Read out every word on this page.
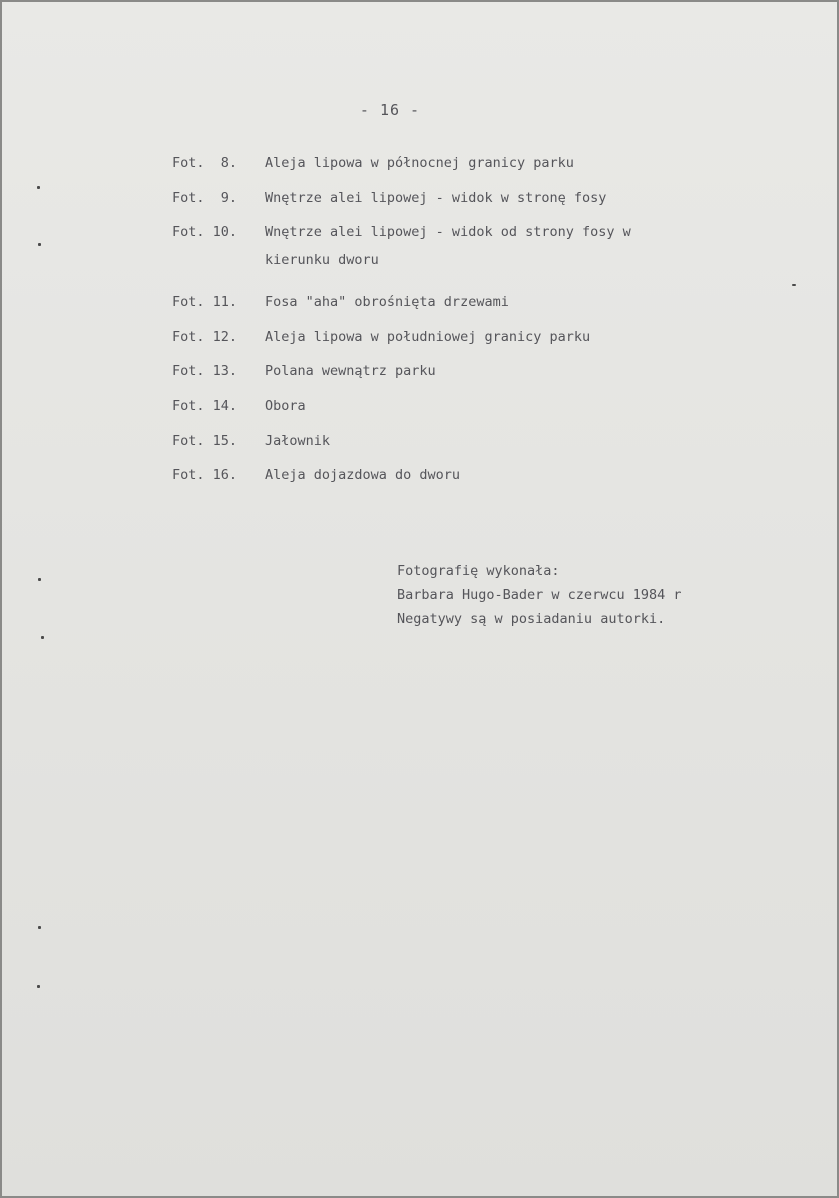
- 16 -
Fot.  8. Aleja lipowa w północnej granicy parku
Fot.  9. Wnętrze alei lipowej - widok w stronę fosy
Fot. 10. Wnętrze alei lipowej - widok od strony fosy w
kierunku dworu
Fot. 11. Fosa "aha" obrośnięta drzewami
Fot. 12. Aleja lipowa w południowej granicy parku
Fot. 13. Polana wewnątrz parku
Fot. 14. Obora
Fot. 15. Jałownik
Fot. 16. Aleja dojazdowa do dworu
Fotografię wykonała:
Barbara Hugo-Bader w czerwcu 1984 r
Negatywy są w posiadaniu autorki.
